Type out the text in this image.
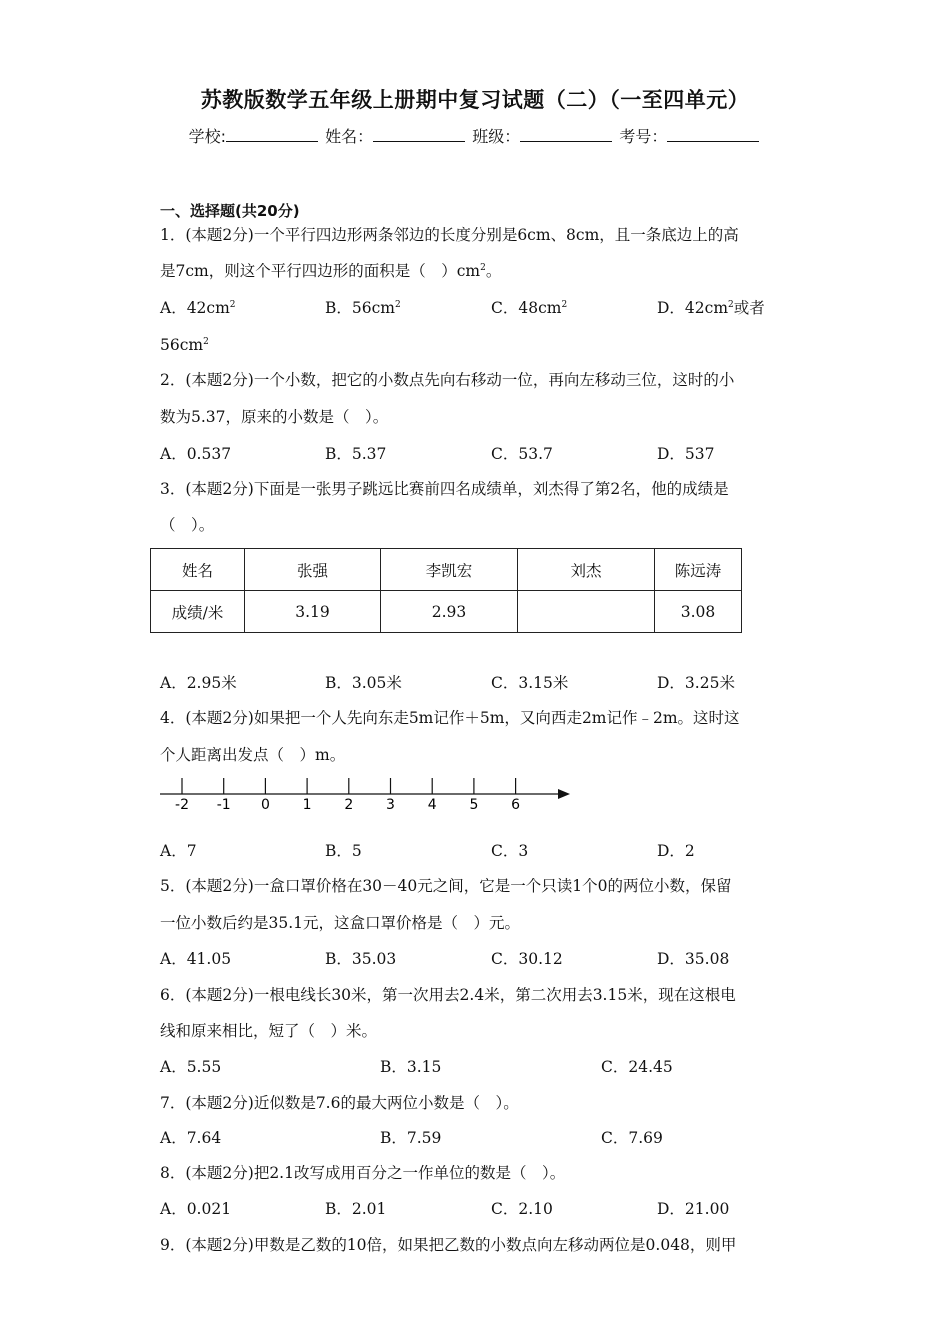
苏教版数学五年级上册期中复习试题（二）（一至四单元）
学校:	姓名：	班级：	考号：
一、选择题(共20分)
1．(本题2分)一个平行四边形两条邻边的长度分别是6cm、8cm，且一条底边上的高
是7cm，则这个平行四边形的面积是（　）$cm^2$。
A．$42cm^2$	B．$56cm^2$	C．$48cm^2$	D．$42cm^2$或者
$56cm^2$
2．(本题2分)一个小数，把它的小数点先向右移动一位，再向左移动三位，这时的小
数为5.37，原来的小数是（　）。
A．0.537	B．5.37	C．53.7	D．537
3．(本题2分)下面是一张男子跳远比赛前四名成绩单，刘杰得了第2名，他的成绩是
（　）。
姓名	张强	李凯宏	刘杰	陈远涛
成绩/米	3.19	2.93		3.08
A．2.95米	B．3.05米	C．3.15米	D．3.25米
4．(本题2分)如果把一个人先向东走5m记作＋5m，又向西走2m记作﹣2m。这时这
个人距离出发点（　）m。
-2 -1 0 1 2 3 4 5 6
A．7	B．5	C．3	D．2
5．(本题2分)一盒口罩价格在30－40元之间，它是一个只读1个0的两位小数，保留
一位小数后约是35.1元，这盒口罩价格是（　）元。
A．41.05	B．35.03	C．30.12	D．35.08
6．(本题2分)一根电线长30米，第一次用去2.4米，第二次用去3.15米，现在这根电
线和原来相比，短了（　）米。
A．5.55	B．3.15	C．24.45
7．(本题2分)近似数是7.6的最大两位小数是（　）。
A．7.64	B．7.59	C．7.69
8．(本题2分)把2.1改写成用百分之一作单位的数是（　）。
A．0.021	B．2.01	C．2.10	D．21.00
9．(本题2分)甲数是乙数的10倍，如果把乙数的小数点向左移动两位是0.048，则甲
